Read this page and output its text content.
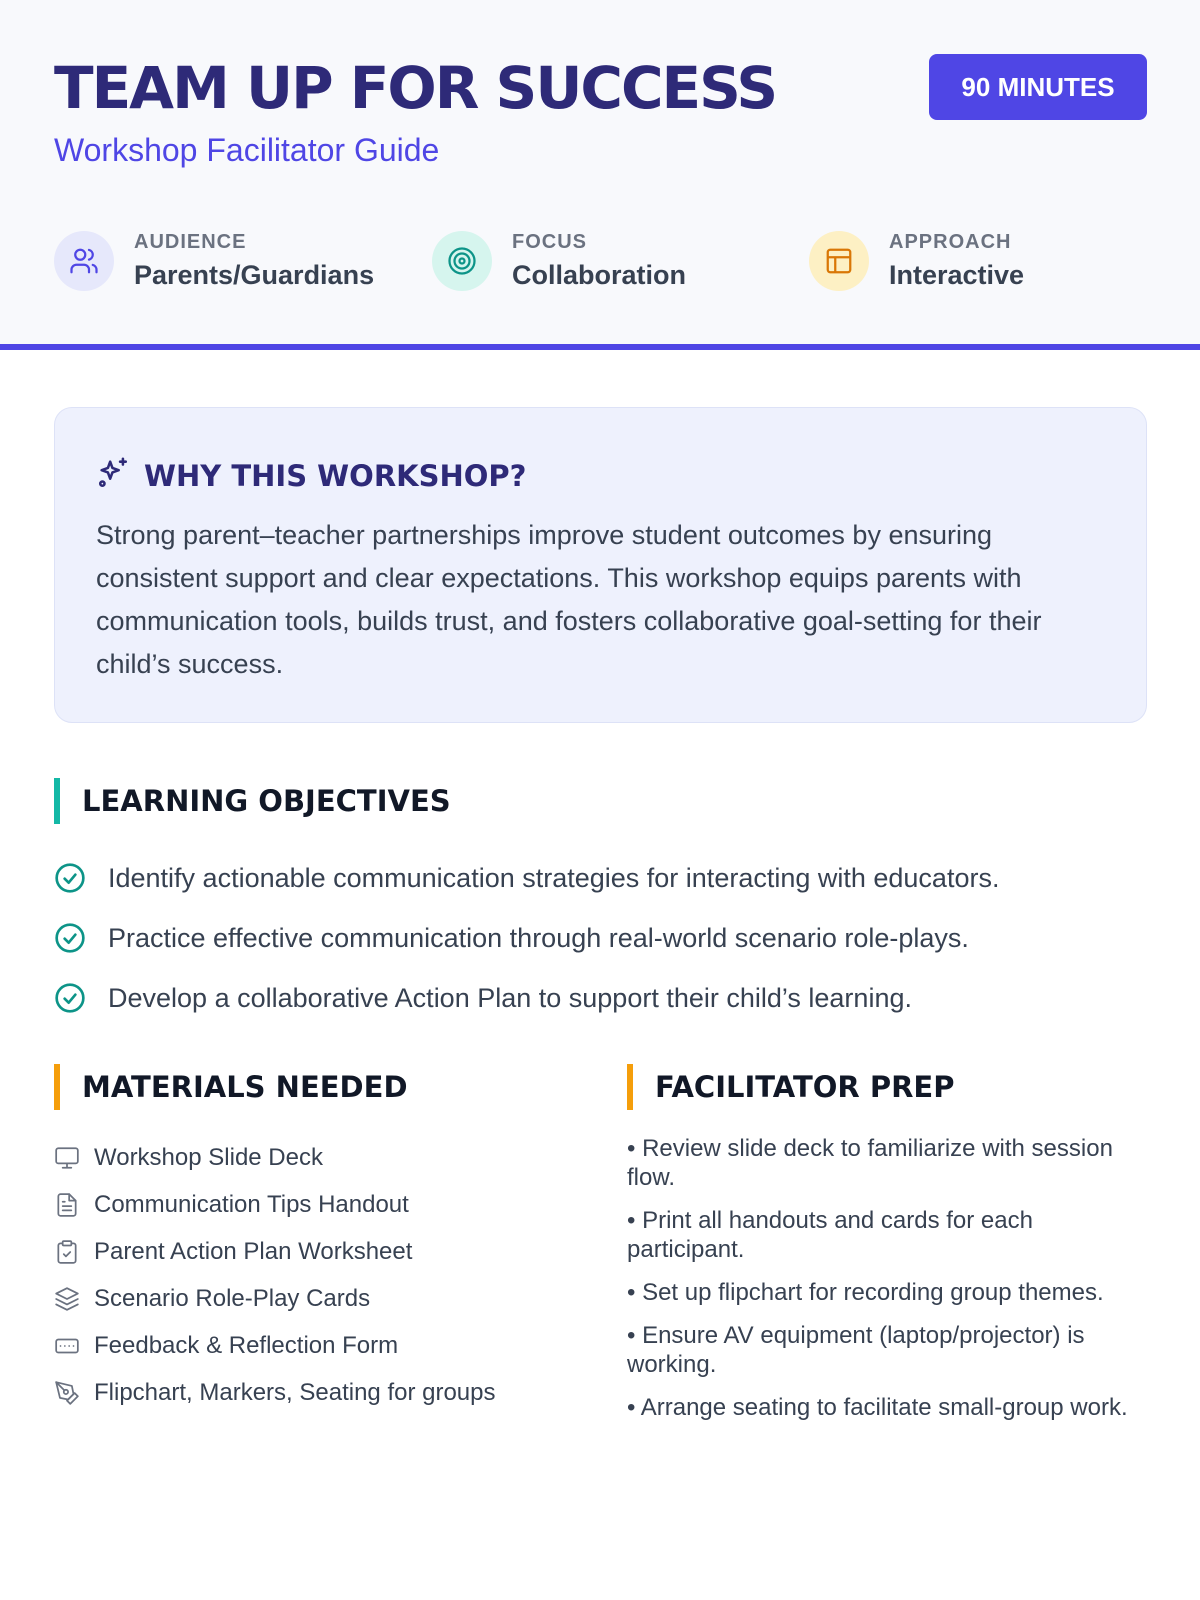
TEAM UP FOR SUCCESS
Workshop Facilitator Guide
90 MINUTES
AUDIENCE
Parents/Guardians
FOCUS
Collaboration
APPROACH
Interactive
WHY THIS WORKSHOP?

Strong parent–teacher partnerships improve student outcomes by ensuring consistent support and clear expectations. This workshop equips parents with communication tools, builds trust, and fosters collaborative goal-setting for their child’s success.

LEARNING OBJECTIVES
Identify actionable communication strategies for interacting with educators.
Practice effective communication through real-world scenario role-plays.
Develop a collaborative Action Plan to support their child’s learning.
MATERIALS NEEDED
Workshop Slide Deck
Communication Tips Handout
Parent Action Plan Worksheet
Scenario Role-Play Cards
Feedback & Reflection Form
Flipchart, Markers, Seating for groups
FACILITATOR PREP
• Review slide deck to familiarize with session flow.
• Print all handouts and cards for each participant.
• Set up flipchart for recording group themes.
• Ensure AV equipment (laptop/projector) is working.
• Arrange seating to facilitate small-group work.
